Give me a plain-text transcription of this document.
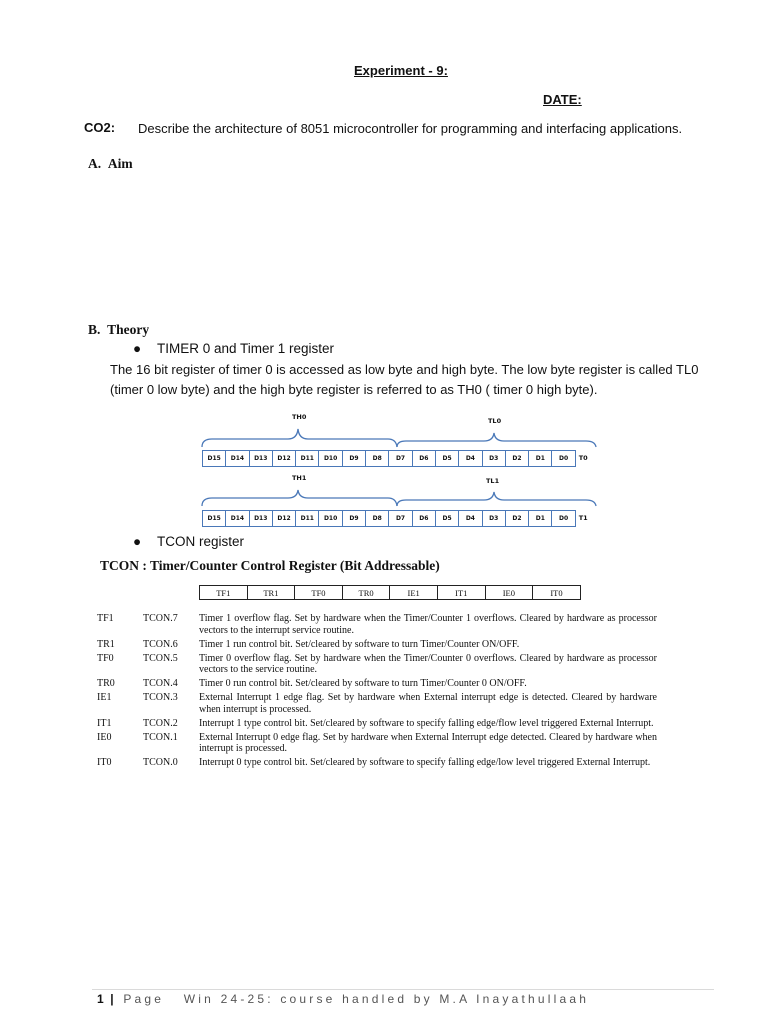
Experiment - 9:
DATE:
CO2: Describe the architecture of 8051 microcontroller for programming and interfacing applications.
A. Aim
B. Theory
● TIMER 0 and Timer 1 register
The 16 bit register of timer 0 is accessed as low byte and high byte. The low byte register is called TL0 (timer 0 low byte) and the high byte register is referred to as TH0 ( timer 0 high byte).
TH0	TL0
D15	D14	D13	D12	D11	D10	D9	D8	D7	D6	D5	D4	D3	D2	D1	D0	T0
TH1	TL1
D15	D14	D13	D12	D11	D10	D9	D8	D7	D6	D5	D4	D3	D2	D1	D0	T1
● TCON register
TCON : Timer/Counter Control Register (Bit Addressable)
TF1	TR1	TF0	TR0	IE1	IT1	IE0	IT0
TF1	TCON.7	Timer 1 overflow flag. Set by hardware when the Timer/Counter 1 overflows. Cleared by hardware as processor vectors to the interrupt service routine.
TR1	TCON.6	Timer 1 run control bit. Set/cleared by software to turn Timer/Counter ON/OFF.
TF0	TCON.5	Timer 0 overflow flag. Set by hardware when the Timer/Counter 0 overflows. Cleared by hardware as processor vectors to the service routine.
TR0	TCON.4	Timer 0 run control bit. Set/cleared by software to turn Timer/Counter 0 ON/OFF.
IE1	TCON.3	External Interrupt 1 edge flag. Set by hardware when External interrupt edge is detected. Cleared by hardware when interrupt is processed.
IT1	TCON.2	Interrupt 1 type control bit. Set/cleared by software to specify falling edge/flow level triggered External Interrupt.
IE0	TCON.1	External Interrupt 0 edge flag. Set by hardware when External Interrupt edge detected. Cleared by hardware when interrupt is processed.
IT0	TCON.0	Interrupt 0 type control bit. Set/cleared by software to specify falling edge/low level triggered External Interrupt.
1 | Page Win 24-25: course handled by M.A Inayathullaah
